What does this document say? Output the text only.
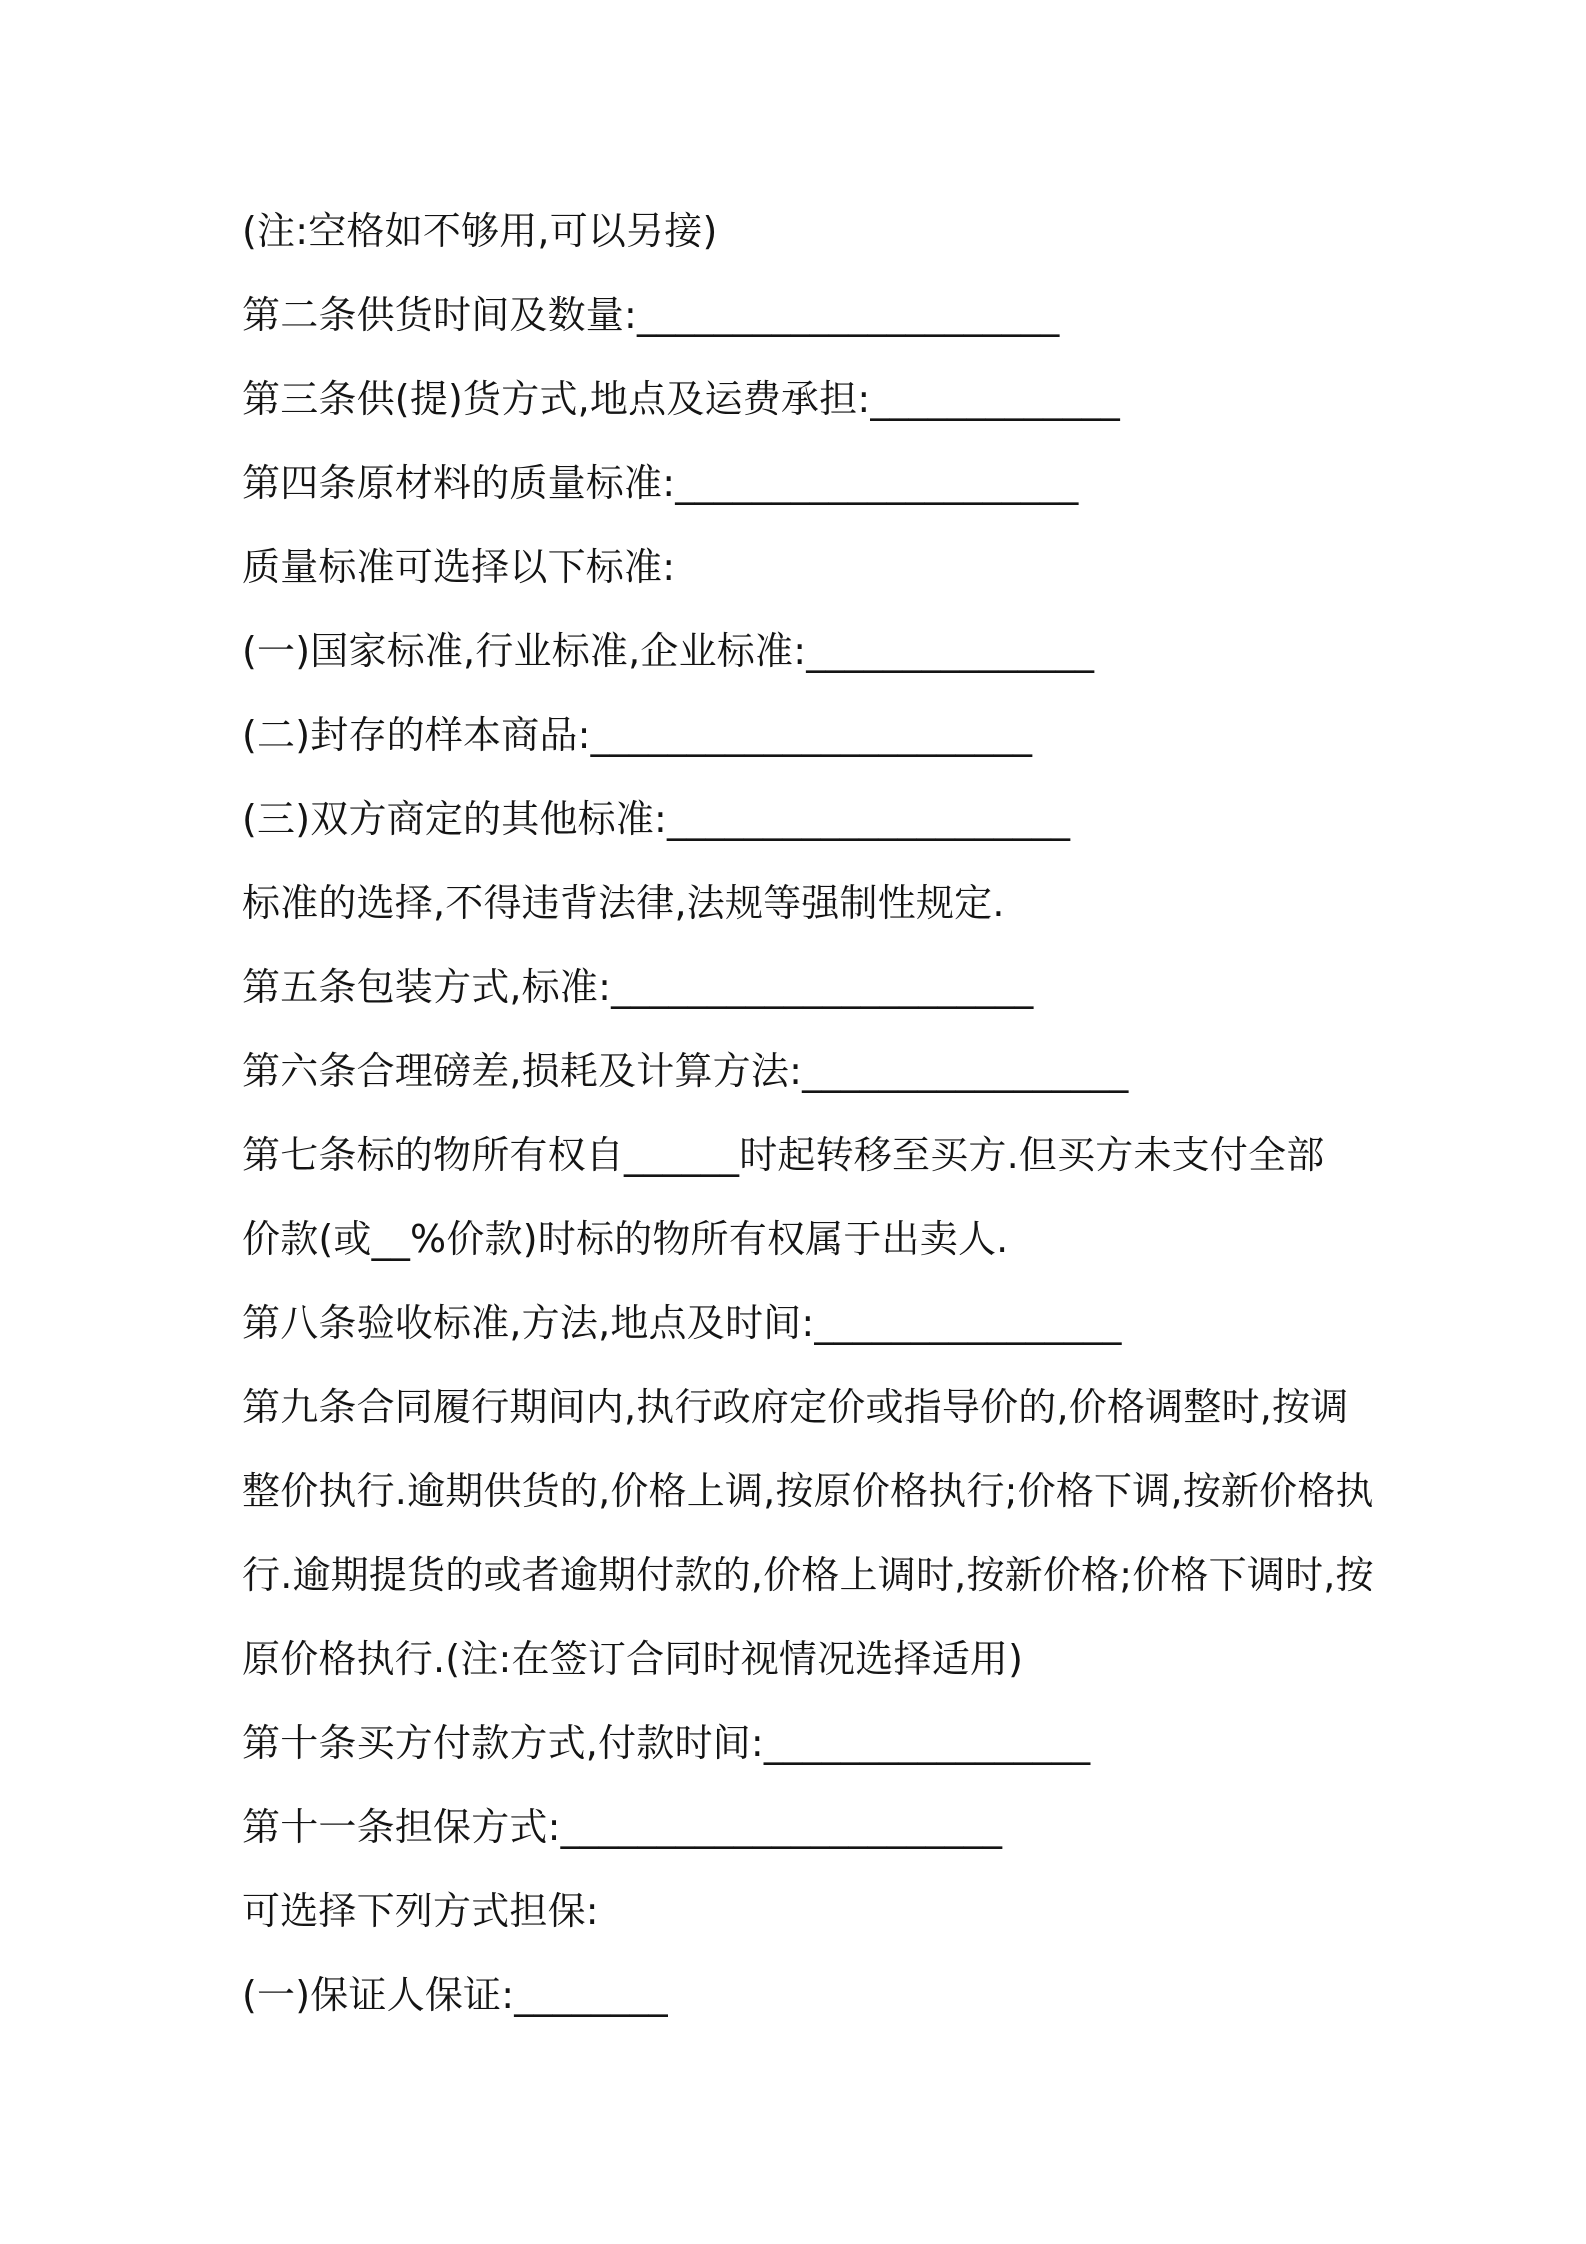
(注:空格如不够用,可以另接)
第二条供货时间及数量:______________________
第三条供(提)货方式,地点及运费承担:_____________
第四条原材料的质量标准:_____________________
质量标准可选择以下标准:
(一)国家标准,行业标准,企业标准:_______________
(二)封存的样本商品:_______________________
(三)双方商定的其他标准:_____________________
标准的选择,不得违背法律,法规等强制性规定.
第五条包装方式,标准:______________________
第六条合理磅差,损耗及计算方法:_________________
第七条标的物所有权自______时起转移至买方.但买方未支付全部
价款(或__%价款)时标的物所有权属于出卖人.
第八条验收标准,方法,地点及时间:________________
第九条合同履行期间内,执行政府定价或指导价的,价格调整时,按调
整价执行.逾期供货的,价格上调,按原价格执行;价格下调,按新价格执
行.逾期提货的或者逾期付款的,价格上调时,按新价格;价格下调时,按
原价格执行.(注:在签订合同时视情况选择适用)
第十条买方付款方式,付款时间:_________________
第十一条担保方式:_______________________
可选择下列方式担保:
(一)保证人保证:________
